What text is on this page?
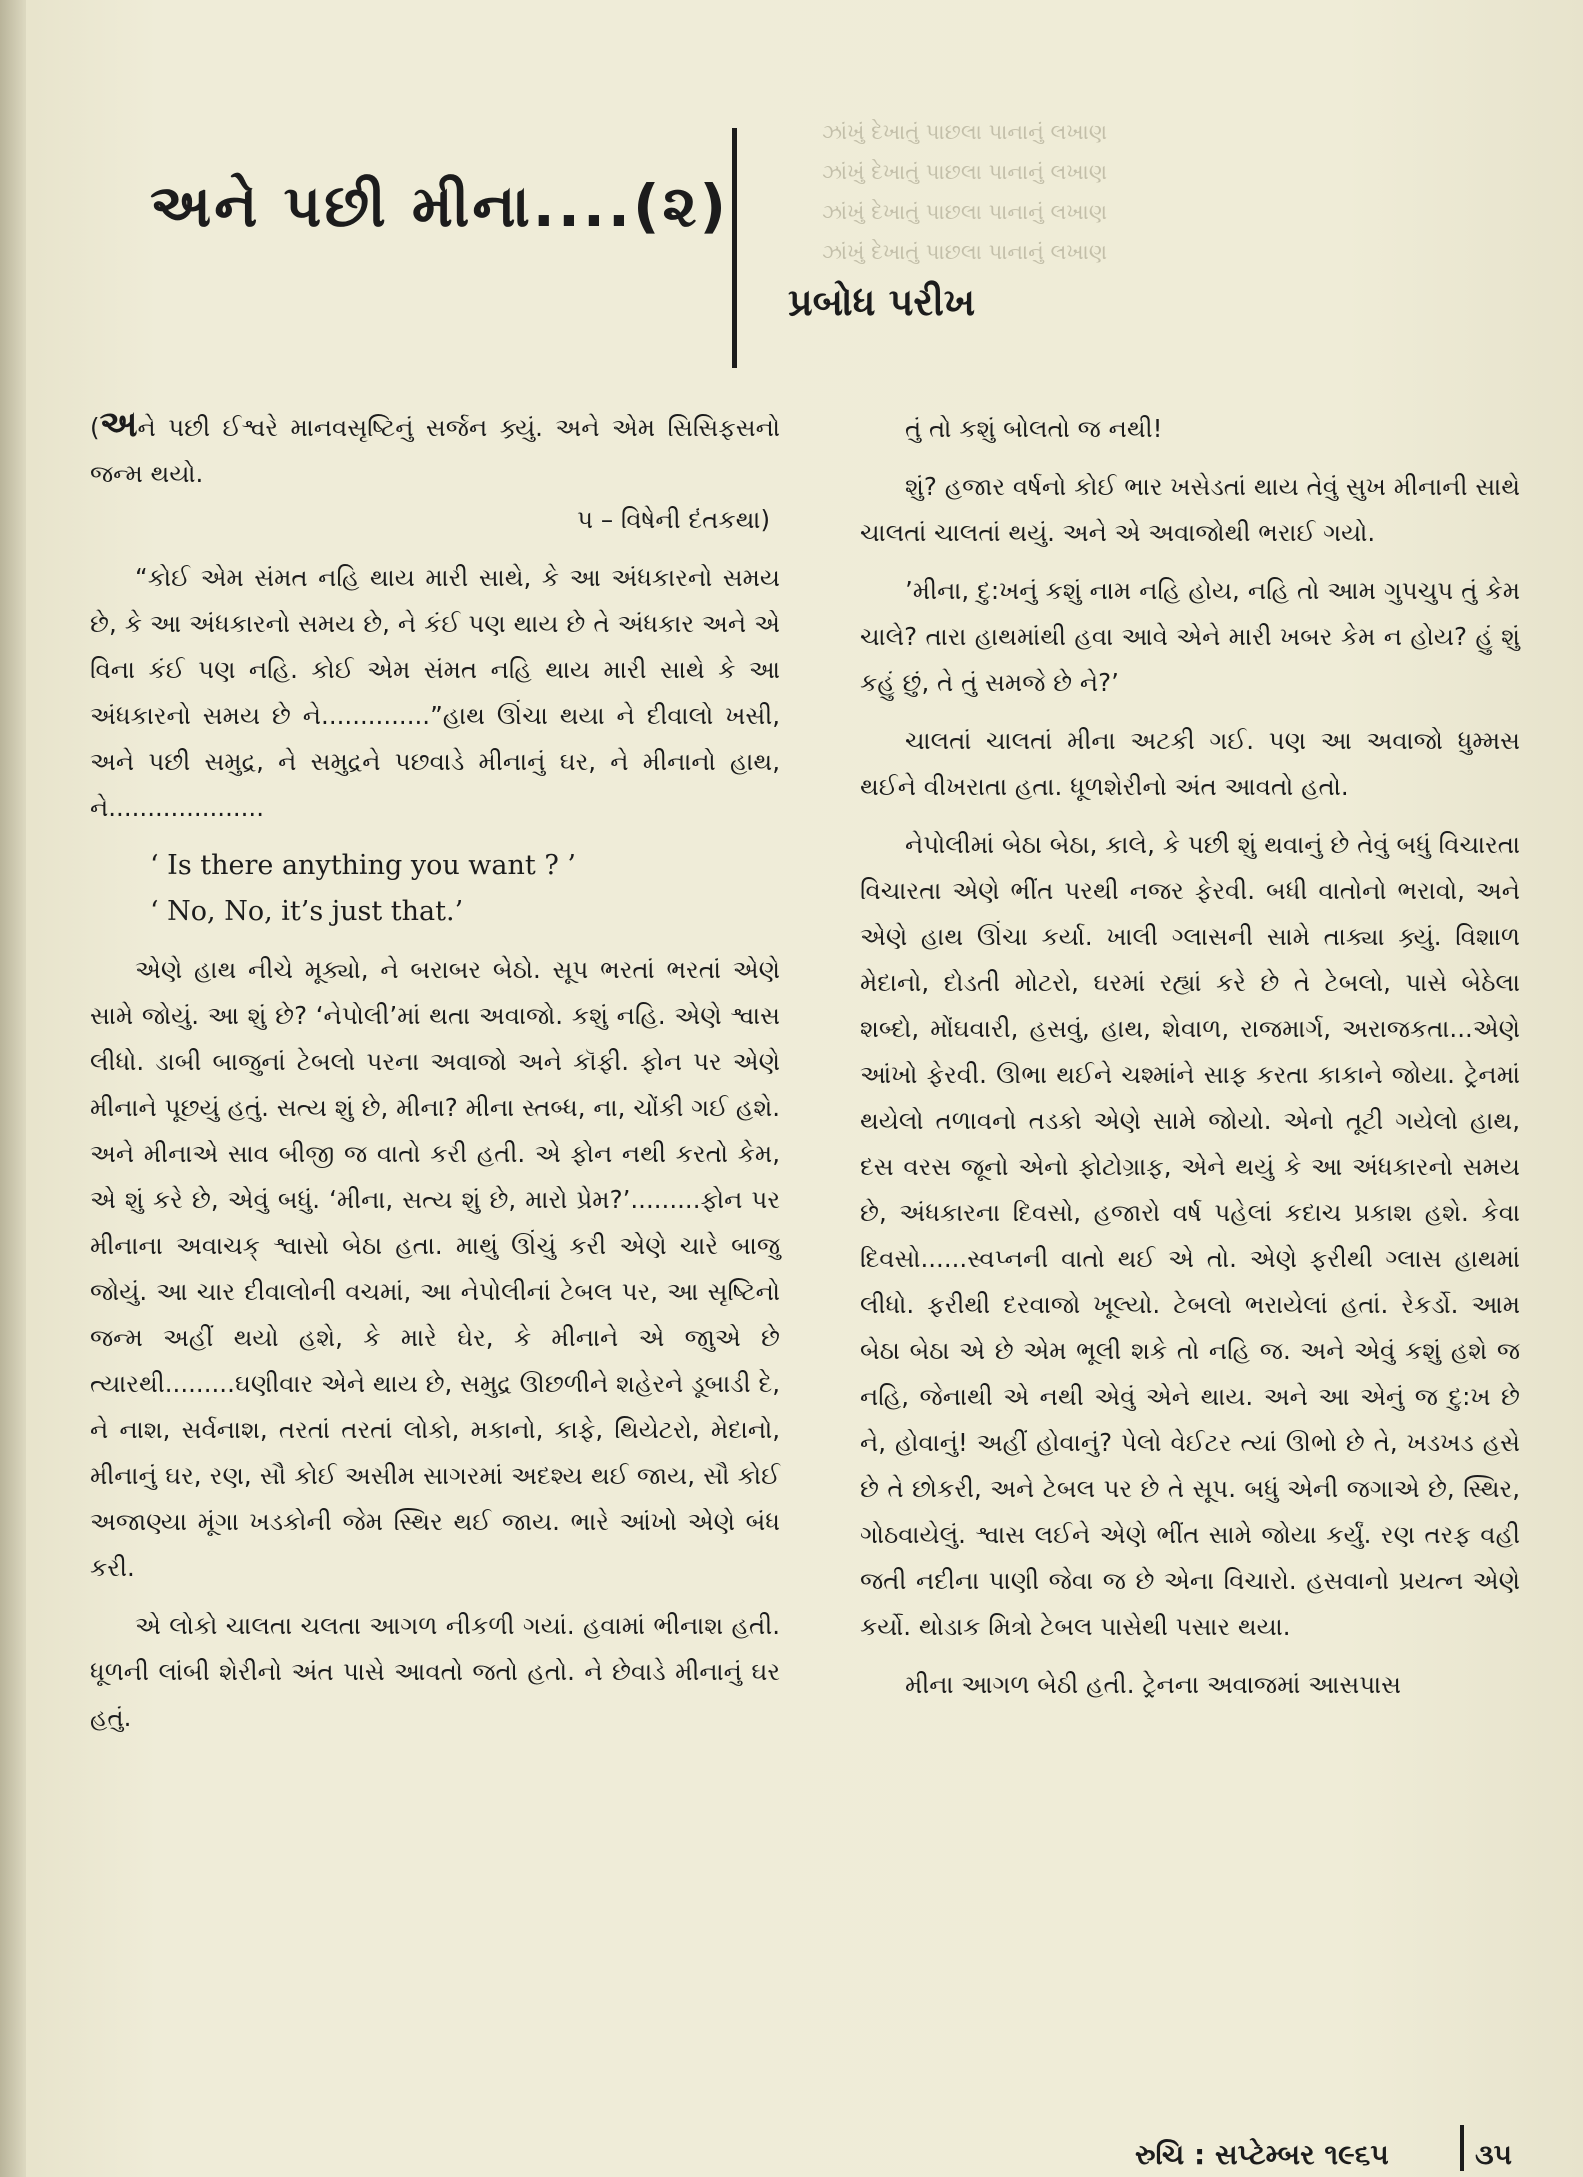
ઝાંખું દેખાતું પાછલા પાનાનું લખાણ
ઝાંખું દેખાતું પાછલા પાનાનું લખાણ
ઝાંખું દેખાતું પાછલા પાનાનું લખાણ
ઝાંખું દેખાતું પાછલા પાનાનું લખાણ
અને પછી મીના....(૨)
પ્રબોધ પરીખ

(અને પછી ઈશ્વરે માનવસૃષ્ટિનું સર્જન ક્ર્યું. અને એમ સિસિફસનો જન્મ થયો.

પ – વિષેની દંતકથા)

“કોઈ એમ સંમત નહિ થાય મારી સાથે, કે આ અંધકારનો સમય છે, કે આ અંધકારનો સમય છે, ને કંઈ પણ થાય છે તે અંધકાર અને એ વિના કંઈ પણ નહિ. કોઈ એમ સંમત નહિ થાય મારી સાથે કે આ અંધકારનો સમય છે ને..............”હાથ ઊંચા થયા ને દીવાલો ખસી, અને પછી સમુદ્ર, ને સમુદ્રને પછવાડે મીનાનું ઘર, ને મીનાનો હાથ, ને....................

‘ Is there anything you want ? ’

‘ No, No, it’s just that.’

એણે હાથ નીચે મૂક્યો, ને બરાબર બેઠો. સૂપ ભરતાં ભરતાં એણે સામે જોયું. આ શું છે? ‘નેપોલી’માં થતા અવાજો. કશું નહિ. એણે શ્વાસ લીધો. ડાબી બાજુનાં ટેબલો પરના અવાજો અને કૉફી. ફોન પર એણે મીનાને પૂછયું હતું. સત્ય શું છે, મીના? મીના સ્તબ્ધ, ના, ચોંકી ગઈ હશે. અને મીનાએ સાવ બીજી જ વાતો કરી હતી. એ ફોન નથી કરતો કેમ, એ શું કરે છે, એવું બધું. ‘મીના, સત્ય શું છે, મારો પ્રેમ?’.........ફોન પર મીનાના અવાચક્ શ્વાસો બેઠા હતા. માથું ઊંચું કરી એણે ચારે બાજુ જોયું. આ ચાર દીવાલોની વચમાં, આ નેપોલીનાં ટેબલ પર, આ સૃષ્ટિનો જન્મ અહીં થયો હશે, કે મારે ઘેર, કે મીનાને એ જાુએ છે ત્યારથી.........ઘણીવાર એને થાય છે, સમુદ્ર ઊછળીને શહેરને ડૂબાડી દે, ને નાશ, સર્વનાશ, તરતાં તરતાં લોકો, મકાનો, કાફે, થિયેટરો, મેદાનો, મીનાનું ઘર, રણ, સૌ કોઈ અસીમ સાગરમાં અદશ્ય થઈ જાય, સૌ કોઈ અજાણ્યા મૂંગા ખડકોની જેમ સ્થિર થઈ જાય. ભારે આંખો એણે બંધ કરી.

એ લોકો ચાલતા ચલતા આગળ નીકળી ગયાં. હવામાં ભીનાશ હતી. ધૂળની લાંબી શેરીનો અંત પાસે આવતો જતો હતો. ને છેવાડે મીનાનું ઘર હતું.

તું તો કશું બોલતો જ નથી!

શું? હજાર વર્ષનો કોઈ ભાર ખસેડતાં થાય તેવું સુખ મીનાની સાથે ચાલતાં ચાલતાં થયું. અને એ અવાજોથી ભરાઈ ગયો.

’મીના, દુ:ખનું કશું નામ નહિ હોય, નહિ તો આમ ગુપચુપ તું કેમ ચાલે? તારા હાથમાંથી હવા આવે એને મારી ખબર કેમ ન હોય? હું શું કહું છું, તે તું સમજે છે ને?’

ચાલતાં ચાલતાં મીના અટકી ગઈ. પણ આ અવાજો ધુમ્મસ થઈને વીખરાતા હતા. ધૂળશેરીનો અંત આવતો હતો.

નેપોલીમાં બેઠા બેઠા, કાલે, કે પછી શું થવાનું છે તેવું બધું વિચારતા વિચારતા એણે ભીંત પરથી નજર ફેરવી. બધી વાતોનો ભરાવો, અને એણે હાથ ઊંચા કર્યા. ખાલી ગ્લાસની સામે તાક્યા ક્ર્યું. વિશાળ મેદાનો, દોડતી મોટરો, ઘરમાં રહ્યાં કરે છે તે ટેબલો, પાસે બેઠેલા શબ્દો, મોંઘવારી, હસવું, હાથ, શેવાળ, રાજમાર્ગ, અરાજકતા...એણે આંખો ફેરવી. ઊભા થઈને ચશ્માંને સાફ કરતા કાકાને જોયા. ટ્રેનમાં થયેલો તળાવનો તડકો એણે સામે જોયો. એનો તૂટી ગયેલો હાથ, દસ વરસ જૂનો એનો ફોટોગ્રાફ, એને થયું કે આ અંધકારનો સમય છે, અંધકારના દિવસો, હજારો વર્ષ પહેલાં કદાચ પ્રકાશ હશે. કેવા દિવસો......સ્વપ્નની વાતો થઈ એ તો. એણે ફરીથી ગ્લાસ હાથમાં લીધો. ફરીથી દરવાજો ખૂલ્યો. ટેબલો ભરાયેલાં હતાં. રેકર્ડો. આમ બેઠા બેઠા એ છે એમ ભૂલી શકે તો નહિ જ. અને એવું કશું હશે જ નહિ, જેનાથી એ નથી એવું એને થાય. અને આ એનું જ દુ:ખ છે ને, હોવાનું! અહીં હોવાનું? પેલો વેઈટર ત્યાં ઊભો છે તે, ખડખડ હસે છે તે છોકરી, અને ટેબલ પર છે તે સૂપ. બધું એની જગાએ છે, સ્થિર, ગોઠવાયેલું. શ્વાસ લઈને એણે ભીંત સામે જોયા કર્યું. રણ તરફ વહી જતી નદીના પાણી જેવા જ છે એના વિચારો. હસવાનો પ્રયત્ન એણે કર્યો. થોડાક મિત્રો ટેબલ પાસેથી પસાર થયા.

મીના આગળ બેઠી હતી. ટ્રેનના અવાજમાં આસપાસ

રુચિ : સપ્ટેમ્બર ૧૯૬૫	૩૫
